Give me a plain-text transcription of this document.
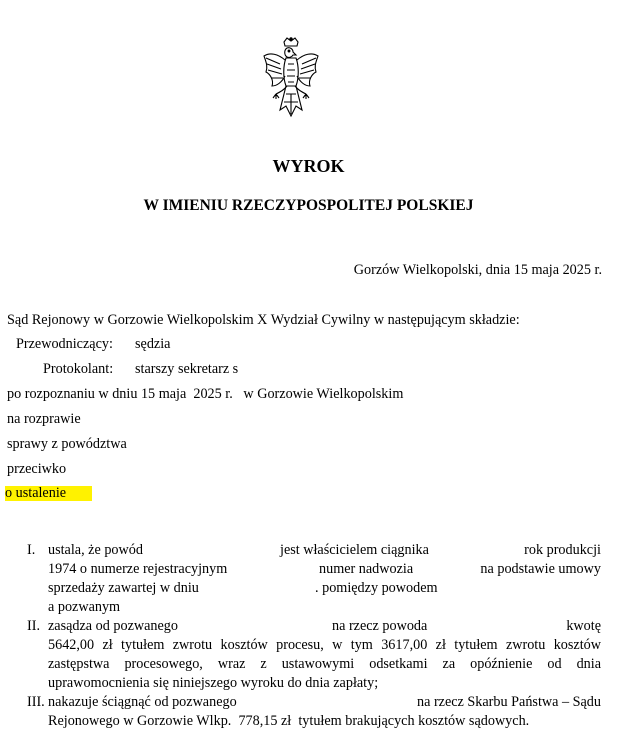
WYROK
W IMIENIU RZECZYPOSPOLITEJ POLSKIEJ
Gorzów Wielkopolski, dnia 15 maja 2025 r.
Sąd Rejonowy w Gorzowie Wielkopolskim X Wydział Cywilny w następującym składzie:
Przewodniczący: sędzia
Protokolant: starszy sekretarz s
po rozpoznaniu w dniu 15 maja  2025 r.   w Gorzowie Wielkopolskim
na rozprawie
sprawy z powództwa
przeciwko
o ustalenie
I. ustala, że powód	jest właścicielem ciągnika	rok produkcji
1974 o numerze rejestracyjnym	numer nadwozia	na podstawie umowy
sprzedaży zawartej w dniu	. pomiędzy powodem
a pozwanym
II. zasądza od pozwanego	na rzecz powoda	kwotę
5642,00 zł tytułem zwrotu kosztów procesu, w tym 3617,00 zł tytułem zwrotu kosztów
zastępstwa procesowego, wraz z ustawowymi odsetkami za opóźnienie od dnia
uprawomocnienia się niniejszego wyroku do dnia zapłaty;
III. nakazuje ściągnąć od pozwanego	na rzecz Skarbu Państwa – Sądu
Rejonowego w Gorzowie Wlkp.  778,15 zł  tytułem brakujących kosztów sądowych.
